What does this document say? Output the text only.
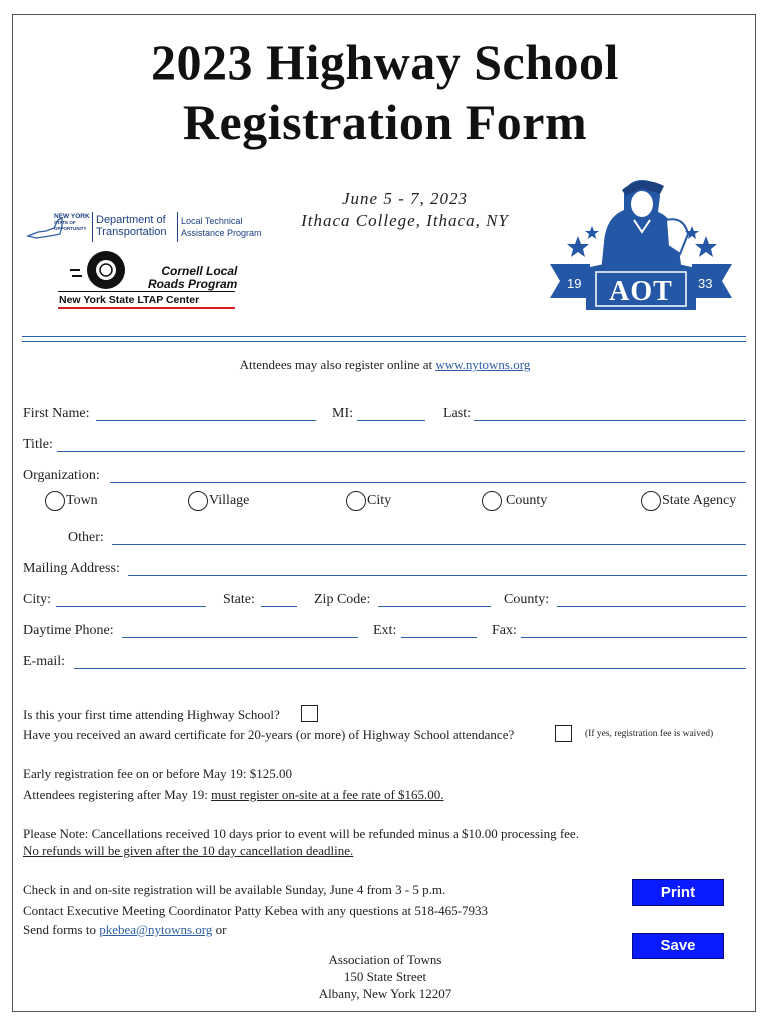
2023 Highway School
Registration Form
June 5 - 7, 2023
Ithaca College, Ithaca, NY
NEW YORK
STATE OF
OPPORTUNITY
Department of
Transportation
Local Technical
Assistance Program
Cornell Local
Roads Program
New York State LTAP Center
19	33
AOT
Attendees may also register online at www.nytowns.org
First Name:	MI:	Last:
Title:
Organization:
Town	Village	City	County	State Agency
Other:
Mailing Address:
City:	State:	Zip Code:	County:
Daytime Phone:	Ext:	Fax:
E-mail:
Is this your first time attending Highway School?
Have you received an award certificate for 20-years (or more) of Highway School attendance?	(If yes, registration fee is waived)
Early registration fee on or before May 19: $125.00
Attendees registering after May 19: must register on-site at a fee rate of $165.00.
Please Note: Cancellations received 10 days prior to event will be refunded minus a $10.00 processing fee.
No refunds will be given after the 10 day cancellation deadline.
Check in and on-site registration will be available Sunday, June 4 from 3 - 5 p.m.
Contact Executive Meeting Coordinator Patty Kebea with any questions at 518-465-7933
Send forms to pkebea@nytowns.org or
Association of Towns
150 State Street
Albany, New York 12207
Print
Save
